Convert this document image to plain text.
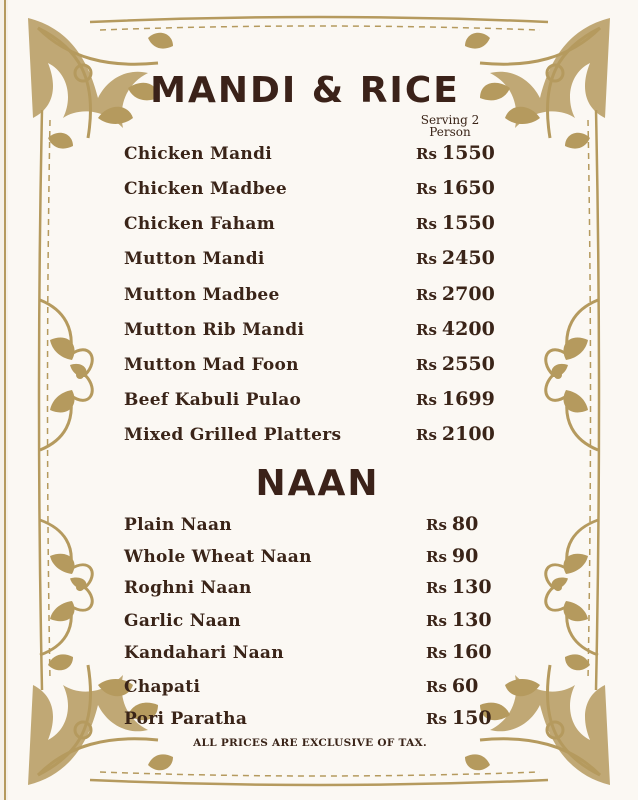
MANDI & RICE
Serving 2 Person
Chicken Mandi	Rs 1550
Chicken Madbee	Rs 1650
Chicken Faham	Rs 1550
Mutton Mandi	Rs 2450
Mutton Madbee	Rs 2700
Mutton Rib Mandi	Rs 4200
Mutton Mad Foon	Rs 2550
Beef Kabuli Pulao	Rs 1699
Mixed Grilled Platters	Rs 2100
NAAN
Plain Naan	Rs 80
Whole Wheat Naan	Rs 90
Roghni Naan	Rs 130
Garlic Naan	Rs 130
Kandahari Naan	Rs 160
Chapati	Rs 60
Pori Paratha	Rs 150
ALL PRICES ARE EXCLUSIVE OF TAX.
